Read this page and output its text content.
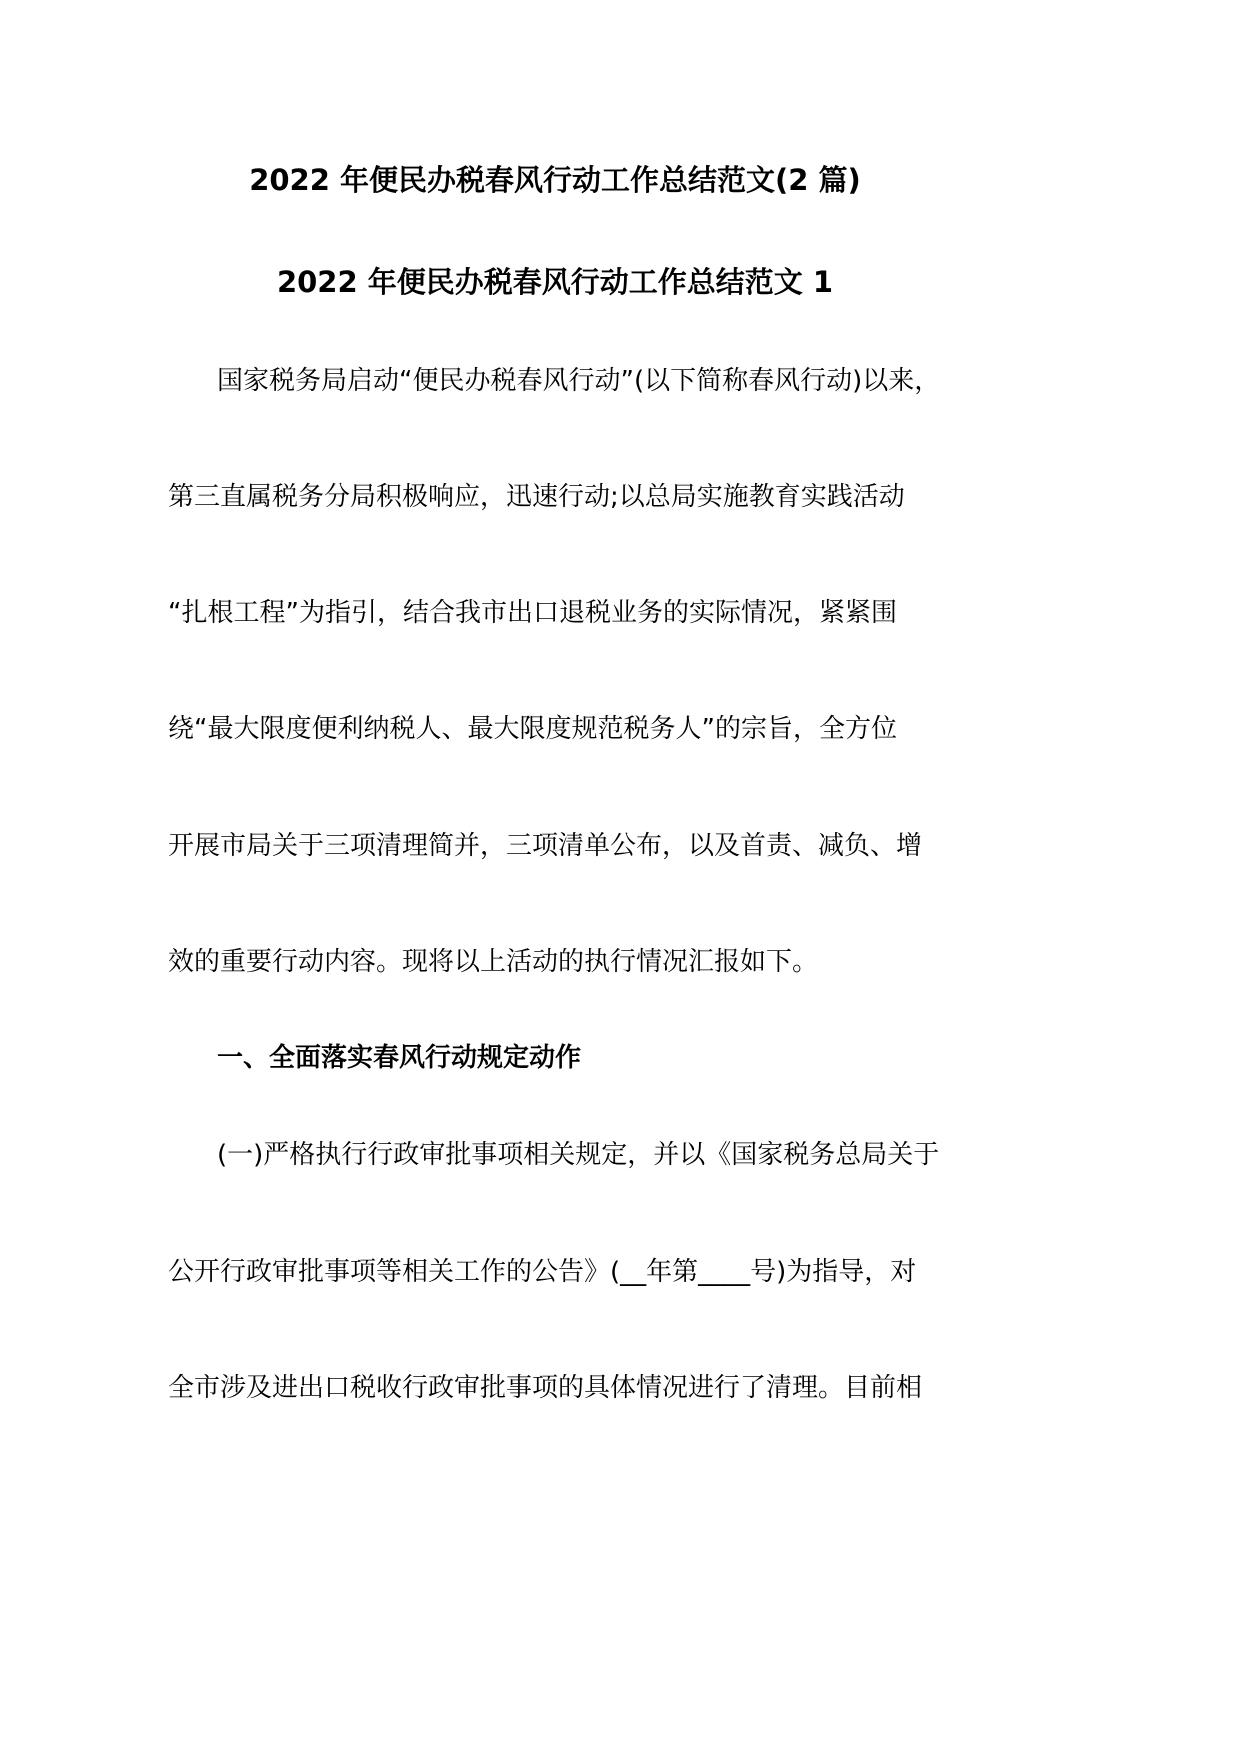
2022 年便民办税春风行动工作总结范文(2 篇)
2022 年便民办税春风行动工作总结范文 1
国家税务局启动“便民办税春风行动”(以下简称春风行动)以来，
第三直属税务分局积极响应，迅速行动;以总局实施教育实践活动
“扎根工程”为指引，结合我市出口退税业务的实际情况，紧紧围
绕“最大限度便利纳税人、最大限度规范税务人”的宗旨，全方位
开展市局关于三项清理简并，三项清单公布，以及首责、减负、增
效的重要行动内容。现将以上活动的执行情况汇报如下。
一、全面落实春风行动规定动作
(一)严格执行行政审批事项相关规定，并以《国家税务总局关于
公开行政审批事项等相关工作的公告》(__年第____号)为指导，对
全市涉及进出口税收行政审批事项的具体情况进行了清理。目前相
